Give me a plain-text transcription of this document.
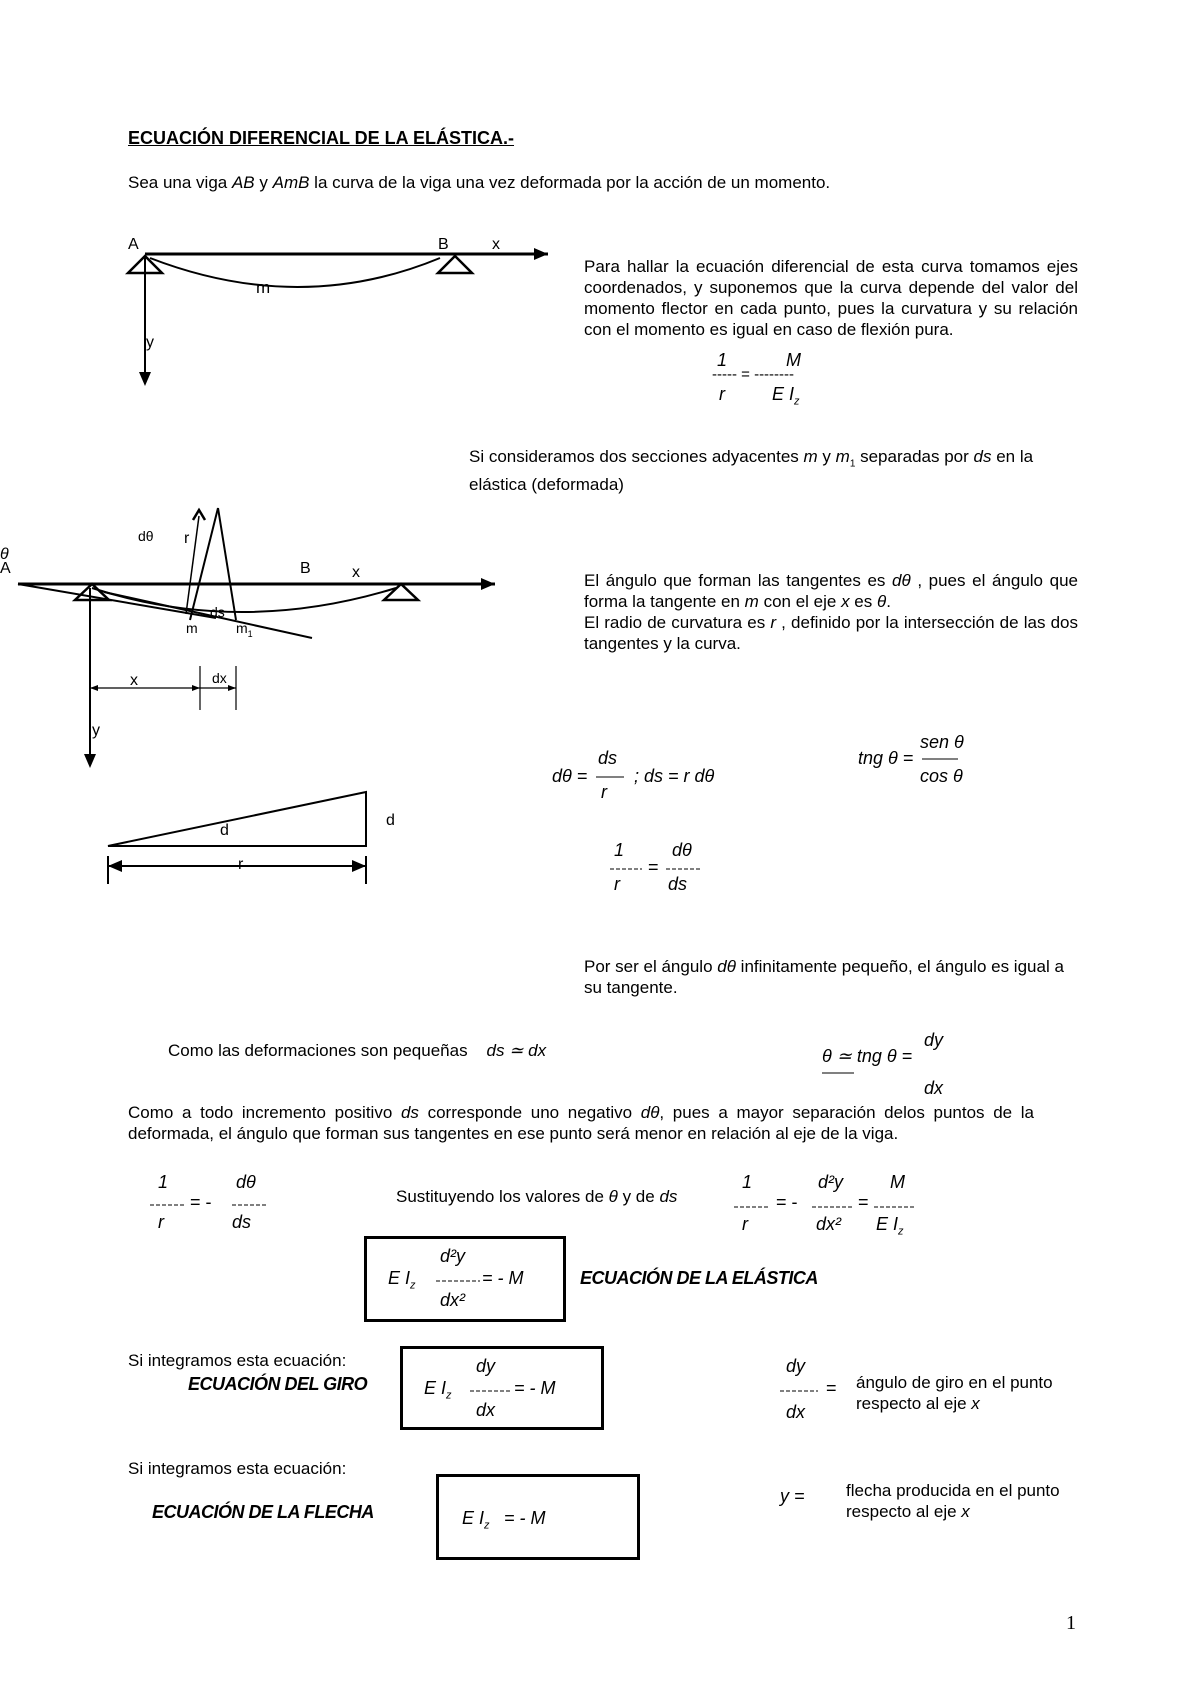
ECUACIÓN DIFERENCIAL DE LA ELÁSTICA.-
Sea una viga AB y AmB la curva de la viga una vez deformada por la acción de un momento.
A	B	x
m
y
Para hallar la ecuación diferencial de esta curva tomamos ejes coordenados, y suponemos que la curva depende del valor del momento flector en cada punto, pues la curvatura y su relación con el momento es igual en caso de flexión pura.
1	M
----- = --------
r	E $I_z$
Si consideramos dos secciones adyacentes m y $m_1$ separadas por ds en la elástica (deformada)
θ
A
dθ r
B	x
ds
m	$m_1$
x	dx
y
El ángulo que forman las tangentes es dθ , pues el ángulo que forma la tangente en m con el eje x es θ.
El radio de curvatura es r , definido por la intersección de las dos tangentes y la curva.
dθ =
ds
r
; ds = r dθ
tng θ =
sen θ
cos θ
d
d
r
1
r
dθ
ds
=
Por ser el ángulo dθ infinitamente pequeño, el ángulo es igual a su tangente.
Como las deformaciones son pequeñas ds ≃ dx	θ ≃ tng θ =
dy
dx
Como a todo incremento positivo ds corresponde uno negativo dθ, pues a mayor separación delos puntos de la deformada, el ángulo que forman sus tangentes en ese punto será menor en relación al eje de la viga.
1
r
dθ
ds
= -	Sustituyendo los valores de θ y de ds
1
r
= -
d²y
dx²
=
M
E $I_z$
E $I_z$
d²y
dx²
= - M	ECUACIÓN DE LA ELÁSTICA
Si integramos esta ecuación:
ECUACIÓN DEL GIRO	E $I_z$
dy
dx
= - M
dy
dx
= ángulo de giro en el punto
respecto al eje x
Si integramos esta ecuación:
ECUACIÓN DE LA FLECHA	E $I_z$ = - M
y = flecha producida en el punto
respecto al eje x
1
